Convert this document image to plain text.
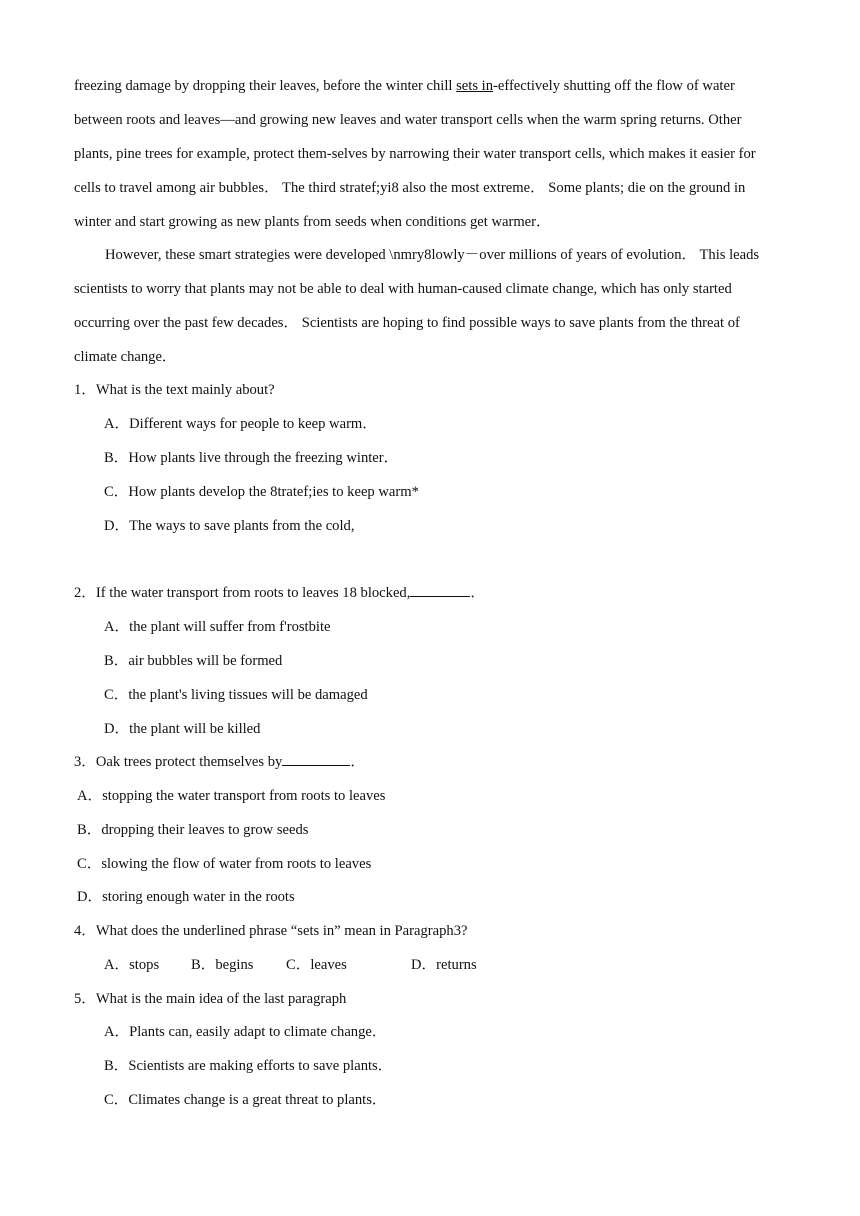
freezing damage by dropping their leaves, before the winter chill sets in-effectively shutting off the flow of water
between roots and leaves—and growing new leaves and water transport cells when the warm spring returns. Other
plants, pine trees for example, protect them-selves by narrowing their water transport cells, which makes it easier for
cells to travel among air bubbles． The third stratef;yi8 also the most extreme． Some plants; die on the ground in
winter and start growing as new plants from seeds when conditions get warmer．
However, these smart strategies were developed \nmry8lowly－over millions of years of evolution． This leads
scientists to worry that plants may not be able to deal with human-caused climate change, which has only started
occurring over the past few decades． Scientists are hoping to find possible ways to save plants from the threat of
climate change．
1．What is the text mainly about?
A．Different ways for people to keep warm．
B．How plants live through the freezing winter．
C．How plants develop the 8tratef;ies to keep warm*
D．The ways to save plants from the cold,
2．If the water transport from roots to leaves 18 blocked,	．
A．the plant will suffer from f'rostbite
B．air bubbles will be formed
C．the plant's living tissues will be damaged
D．the plant will be killed
3．Oak trees protect themselves by	．
A．stopping the water transport from roots to leaves
B．dropping their leaves to grow seeds
C．slowing the flow of water from roots to leaves
D．storing enough water in the roots
4．What does the underlined phrase “sets in” mean in Paragraph3?
A．stops B．begins C．leaves	D．returns
5．What is the main idea of the last paragraph
A．Plants can, easily adapt to climate change．
B．Scientists are making efforts to save plants．
C．Climates change is a great threat to plants．
